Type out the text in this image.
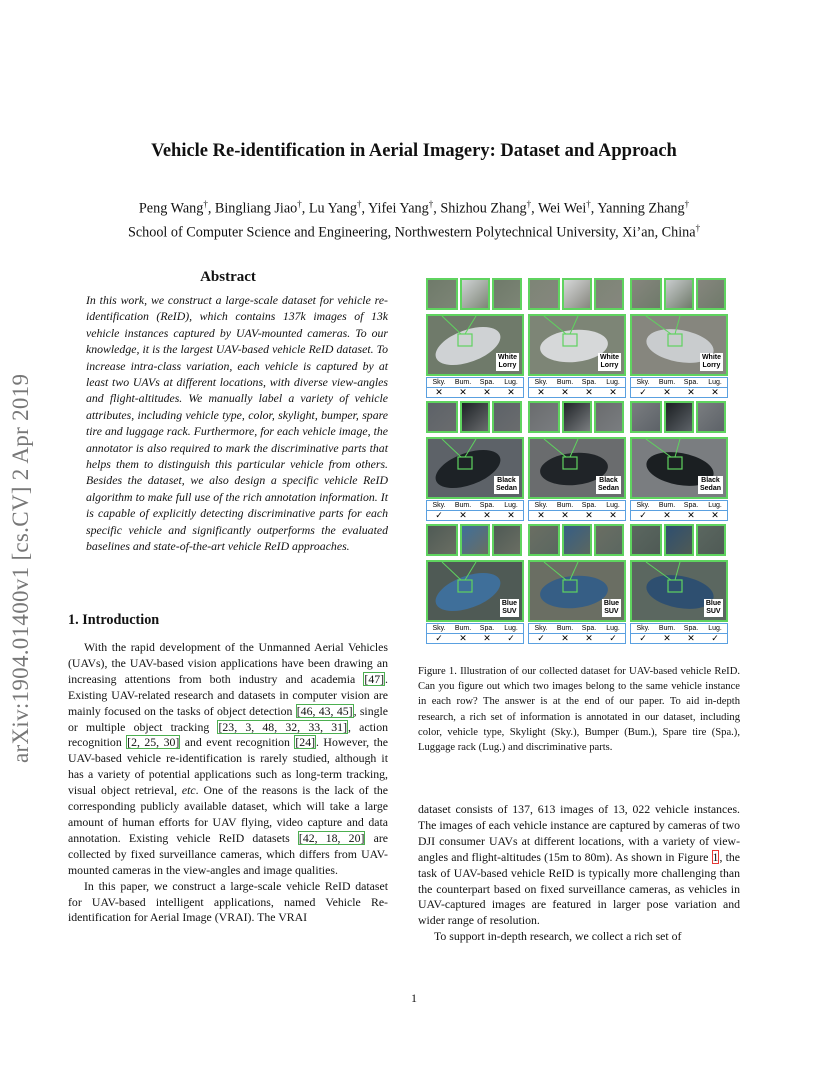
arXiv:1904.01400v1 [cs.CV] 2 Apr 2019
Vehicle Re-identification in Aerial Imagery: Dataset and Approach
Peng Wang†, Bingliang Jiao†, Lu Yang†, Yifei Yang†, Shizhou Zhang†, Wei Wei†, Yanning Zhang†
School of Computer Science and Engineering, Northwestern Polytechnical University, Xi’an, China†
Abstract

In this work, we construct a large-scale dataset for vehicle re-identification (ReID), which contains 137k images of 13k vehicle instances captured by UAV-mounted cameras. To our knowledge, it is the largest UAV-based vehicle ReID dataset. To increase intra-class variation, each vehicle is captured by at least two UAVs at different locations, with diverse view-angles and flight-altitudes. We manually label a variety of vehicle attributes, including vehicle type, color, skylight, bumper, spare tire and luggage rack. Furthermore, for each vehicle image, the annotator is also required to mark the discriminative parts that helps them to distinguish this particular vehicle from others. Besides the dataset, we also design a specific vehicle ReID algorithm to make full use of the rich annotation information. It is capable of explicitly detecting discriminative parts for each specific vehicle and significantly outperforms the evaluated baselines and state-of-the-art vehicle ReID approaches.

1. Introduction

With the rapid development of the Unmanned Aerial Vehicles (UAVs), the UAV-based vision applications have been drawing an increasing attentions from both industry and academia [47]. Existing UAV-related research and datasets in computer vision are mainly focused on the tasks of object detection [46, 43, 45], single or multiple object tracking [23, 3, 48, 32, 33, 31], action recognition [2, 25, 30] and event recognition [24]. However, the UAV-based vehicle re-identification is rarely studied, although it has a variety of potential applications such as long-term tracking, visual object retrieval, etc. One of the reasons is the lack of the corresponding publicly available dataset, which will take a large amount of human efforts for UAV flying, video capture and data annotation. Existing vehicle ReID datasets [42, 18, 20] are collected by fixed surveillance cameras, which differs from UAV-mounted cameras in the view-angles and image qualities.

In this paper, we construct a large-scale vehicle ReID dataset for UAV-based intelligent applications, named Vehicle Re-identification for Aerial Image (VRAI). The VRAI

White
Lorry
Sky.	Bum.	Spa.	Lug.
✕	✕	✕	✕
White
Lorry
Sky.	Bum.	Spa.	Lug.
✕	✕	✕	✕
White
Lorry
Sky.	Bum.	Spa.	Lug.
✓	✕	✕	✕
Black
Sedan
Sky.	Bum.	Spa.	Lug.
✓	✕	✕	✕
Black
Sedan
Sky.	Bum.	Spa.	Lug.
✕	✕	✕	✕
Black
Sedan
Sky.	Bum.	Spa.	Lug.
✓	✕	✕	✕
Blue
SUV
Sky.	Bum.	Spa.	Lug.
✓	✕	✕	✓
Blue
SUV
Sky.	Bum.	Spa.	Lug.
✓	✕	✕	✓
Blue
SUV
Sky.	Bum.	Spa.	Lug.
✓	✕	✕	✓

Figure 1. Illustration of our collected dataset for UAV-based vehicle ReID. Can you figure out which two images belong to the same vehicle instance in each row? The answer is at the end of our paper. To aid in-depth research, a rich set of information is annotated in our dataset, including color, vehicle type, Skylight (Sky.), Bumper (Bum.), Spare tire (Spa.), Luggage rack (Lug.) and discriminative parts.

dataset consists of 137, 613 images of 13, 022 vehicle instances. The images of each vehicle instance are captured by cameras of two DJI consumer UAVs at different locations, with a variety of view-angles and flight-altitudes (15m to 80m). As shown in Figure 1, the task of UAV-based vehicle ReID is typically more challenging than the counterpart based on fixed surveillance cameras, as vehicles in UAV-captured images are featured in larger pose variation and wider range of resolution.

To support in-depth research, we collect a rich set of

1
